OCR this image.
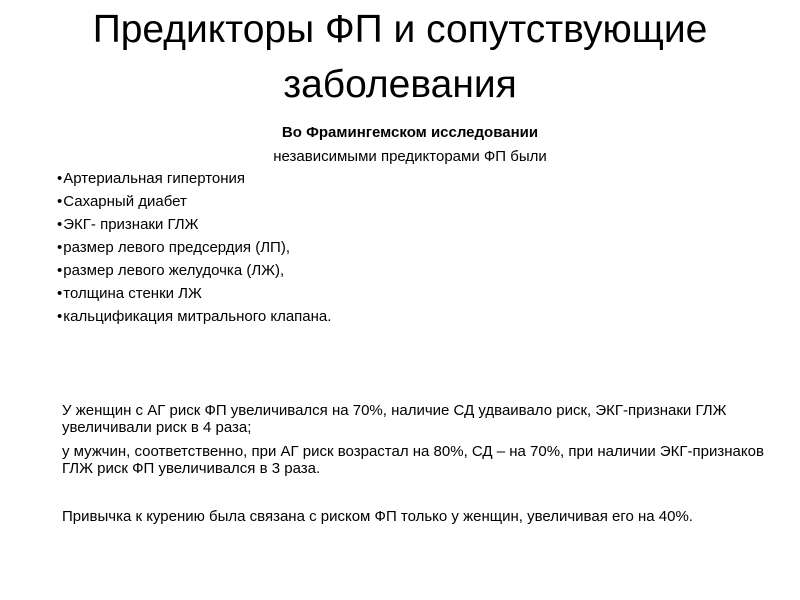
Предикторы ФП и сопутствующие заболевания
Во Фрамингемском исследовании
независимыми предикторами ФП были
• Артериальная гипертония
• Сахарный диабет
• ЭКГ- признаки ГЛЖ
• размер левого предсердия (ЛП),
• размер левого желудочка (ЛЖ),
• толщина стенки ЛЖ
• кальцификация митрального клапана.

У женщин с АГ риск ФП увеличивался на 70%, наличие СД удваивало риск, ЭКГ-признаки ГЛЖ увеличивали риск в 4 раза;

у мужчин, соответственно, при АГ риск возрастал на 80%, СД – на 70%, при наличии ЭКГ-признаков ГЛЖ риск ФП увеличивался в 3 раза.

Привычка к курению была связана с риском ФП только у женщин, увеличивая его на 40%.
